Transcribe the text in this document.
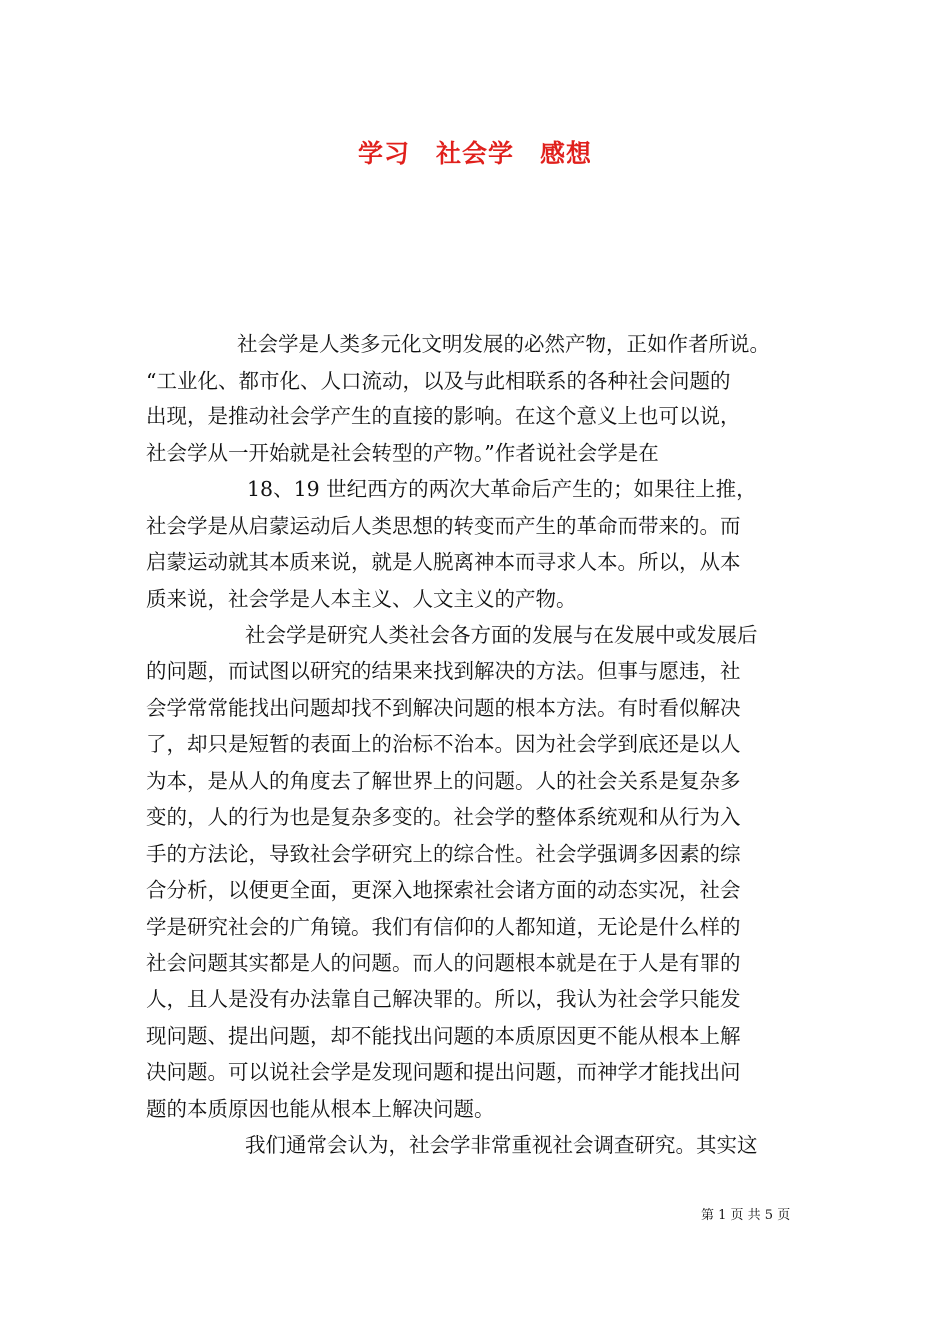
学习　社会学　感想
社会学是人类多元化文明发展的必然产物，正如作者所说。
“工业化、都市化、人口流动，以及与此相联系的各种社会问题的
出现，是推动社会学产生的直接的影响。在这个意义上也可以说，
社会学从一开始就是社会转型的产物。”作者说社会学是在
18、19 世纪西方的两次大革命后产生的；如果往上推，
社会学是从启蒙运动后人类思想的转变而产生的革命而带来的。而
启蒙运动就其本质来说，就是人脱离神本而寻求人本。所以，从本
质来说，社会学是人本主义、人文主义的产物。
社会学是研究人类社会各方面的发展与在发展中或发展后
的问题，而试图以研究的结果来找到解决的方法。但事与愿违，社
会学常常能找出问题却找不到解决问题的根本方法。有时看似解决
了，却只是短暂的表面上的治标不治本。因为社会学到底还是以人
为本，是从人的角度去了解世界上的问题。人的社会关系是复杂多
变的，人的行为也是复杂多变的。社会学的整体系统观和从行为入
手的方法论，导致社会学研究上的综合性。社会学强调多因素的综
合分析，以便更全面，更深入地探索社会诸方面的动态实况，社会
学是研究社会的广角镜。我们有信仰的人都知道，无论是什么样的
社会问题其实都是人的问题。而人的问题根本就是在于人是有罪的
人，且人是没有办法靠自己解决罪的。所以，我认为社会学只能发
现问题、提出问题，却不能找出问题的本质原因更不能从根本上解
决问题。可以说社会学是发现问题和提出问题，而神学才能找出问
题的本质原因也能从根本上解决问题。
我们通常会认为，社会学非常重视社会调查研究。其实这
第 1 页 共 5 页
